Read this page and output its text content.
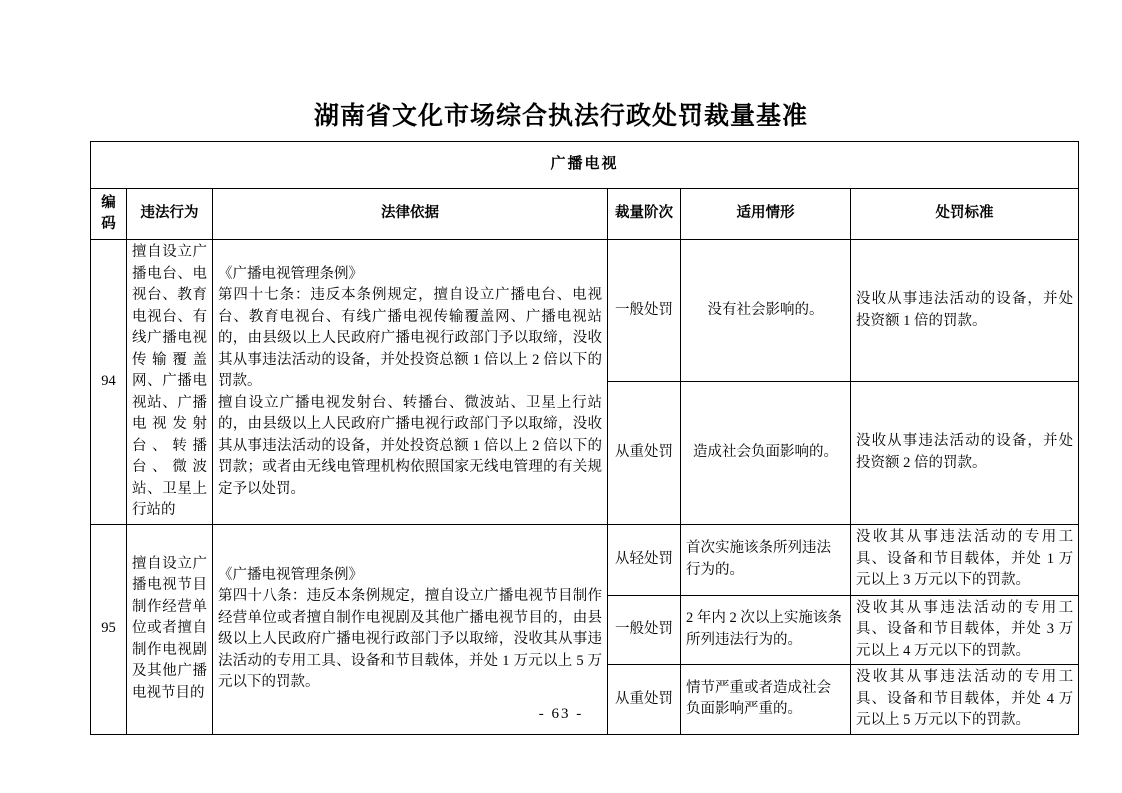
湖南省文化市场综合执法行政处罚裁量基准
广播电视					
编码	违法行为	法律依据	裁量阶次	适用情形	处罚标准
94	擅自设立广播电台、电视台、教育电视台、有线广播电视传输覆盖网、广播电视站、广播电视发射台、转播台、微波站、卫星上行站的	《广播电视管理条例》

第四十七条：违反本条例规定，擅自设立广播电台、电视台、教育电视台、有线广播电视传输覆盖网、广播电视站的，由县级以上人民政府广播电视行政部门予以取缔，没收其从事违法活动的设备，并处投资总额 1 倍以上 2 倍以下的罚款。

擅自设立广播电视发射台、转播台、微波站、卫星上行站的，由县级以上人民政府广播电视行政部门予以取缔，没收其从事违法活动的设备，并处投资总额 1 倍以上 2 倍以下的罚款；或者由无线电管理机构依照国家无线电管理的有关规定予以处罚。	一般处罚	没有社会影响的。	没收从事违法活动的设备，并处投资额 1 倍的罚款。
			从重处罚	造成社会负面影响的。	没收从事违法活动的设备，并处投资额 2 倍的罚款。
95	擅自设立广播电视节目制作经营单位或者擅自制作电视剧及其他广播电视节目的	《广播电视管理条例》

第四十八条：违反本条例规定，擅自设立广播电视节目制作经营单位或者擅自制作电视剧及其他广播电视节目的，由县级以上人民政府广播电视行政部门予以取缔，没收其从事违法活动的专用工具、设备和节目载体，并处 1 万元以上 5 万元以下的罚款。	从轻处罚	首次实施该条所列违法行为的。	没收其从事违法活动的专用工具、设备和节目载体，并处 1 万元以上 3 万元以下的罚款。
			一般处罚	2 年内 2 次以上实施该条所列违法行为的。	没收其从事违法活动的专用工具、设备和节目载体，并处 3 万元以上 4 万元以下的罚款。
			从重处罚	情节严重或者造成社会负面影响严重的。	没收其从事违法活动的专用工具、设备和节目载体，并处 4 万元以上 5 万元以下的罚款。
- 63 -
